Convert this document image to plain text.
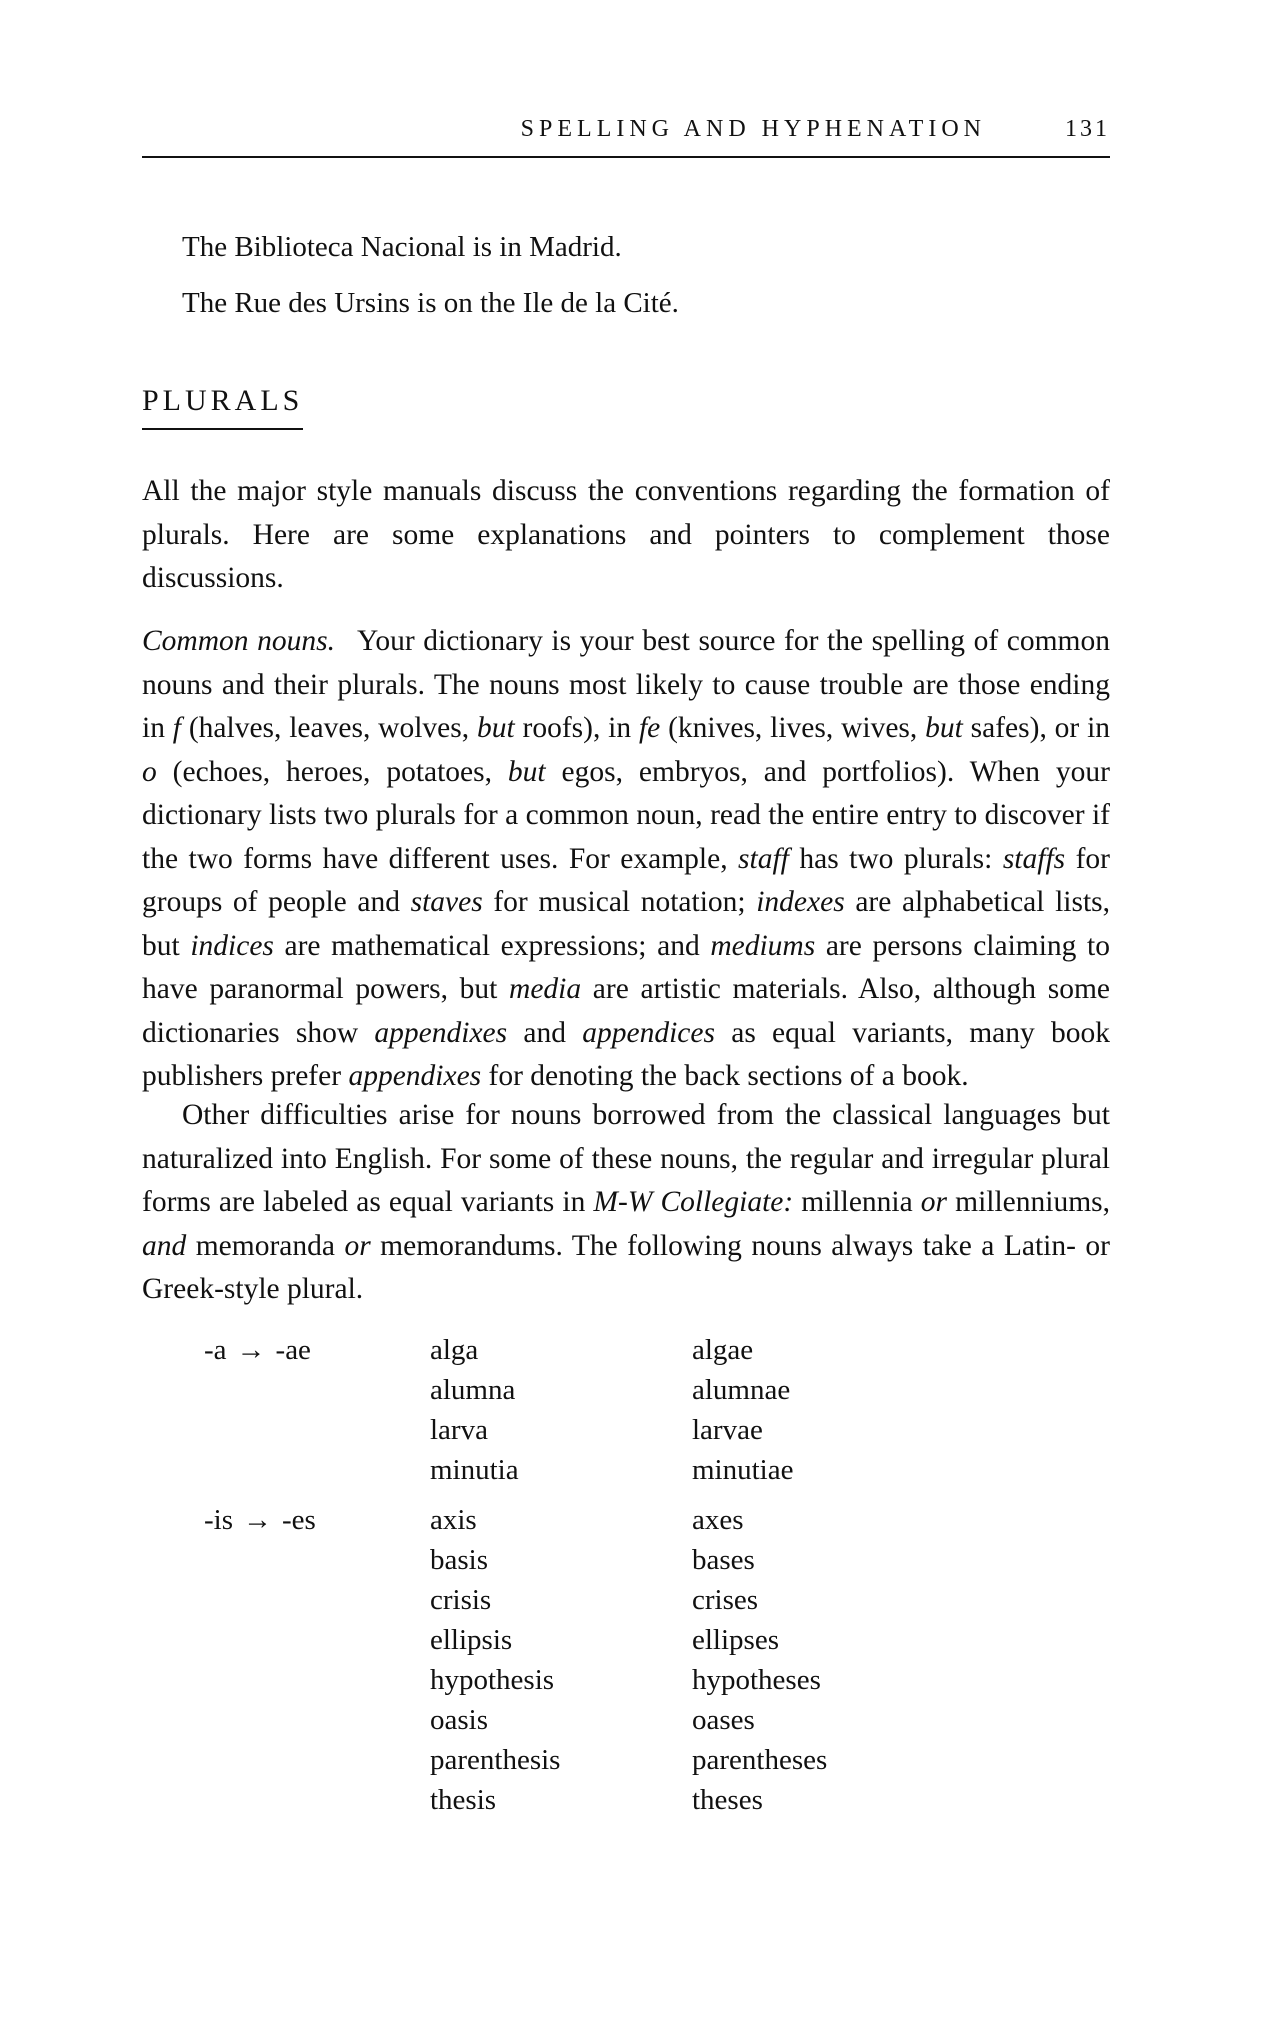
SPELLING AND HYPHENATION	131
The Biblioteca Nacional is in Madrid.
The Rue des Ursins is on the Ile de la Cité.
PLURALS

All the major style manuals discuss the conventions regarding the formation of plurals. Here are some explanations and pointers to complement those discussions.

Common nouns. Your dictionary is your best source for the spelling of common nouns and their plurals. The nouns most likely to cause trouble are those ending in f (halves, leaves, wolves, but roofs), in fe (knives, lives, wives, but safes), or in o (echoes, heroes, potatoes, but egos, embryos, and portfolios). When your dictionary lists two plurals for a common noun, read the entire entry to discover if the two forms have different uses. For example, staff has two plurals: staffs for groups of people and staves for musical notation; indexes are alphabetical lists, but indices are mathematical expressions; and mediums are persons claiming to have paranormal powers, but media are artistic materials. Also, although some dictionaries show appendixes and appendices as equal variants, many book publishers prefer appendixes for denoting the back sections of a book.

Other difficulties arise for nouns borrowed from the classical languages but naturalized into English. For some of these nouns, the regular and irregular plural forms are labeled as equal variants in M-W Collegiate: millennia or millenniums, and memoranda or memorandums. The following nouns always take a Latin- or Greek-style plural.

-a → -ae	alga	algae
alumna	alumnae
larva	larvae
minutia	minutiae
-is → -es	axis	axes
basis	bases
crisis	crises
ellipsis	ellipses
hypothesis	hypotheses
oasis	oases
parenthesis	parentheses
thesis	theses
